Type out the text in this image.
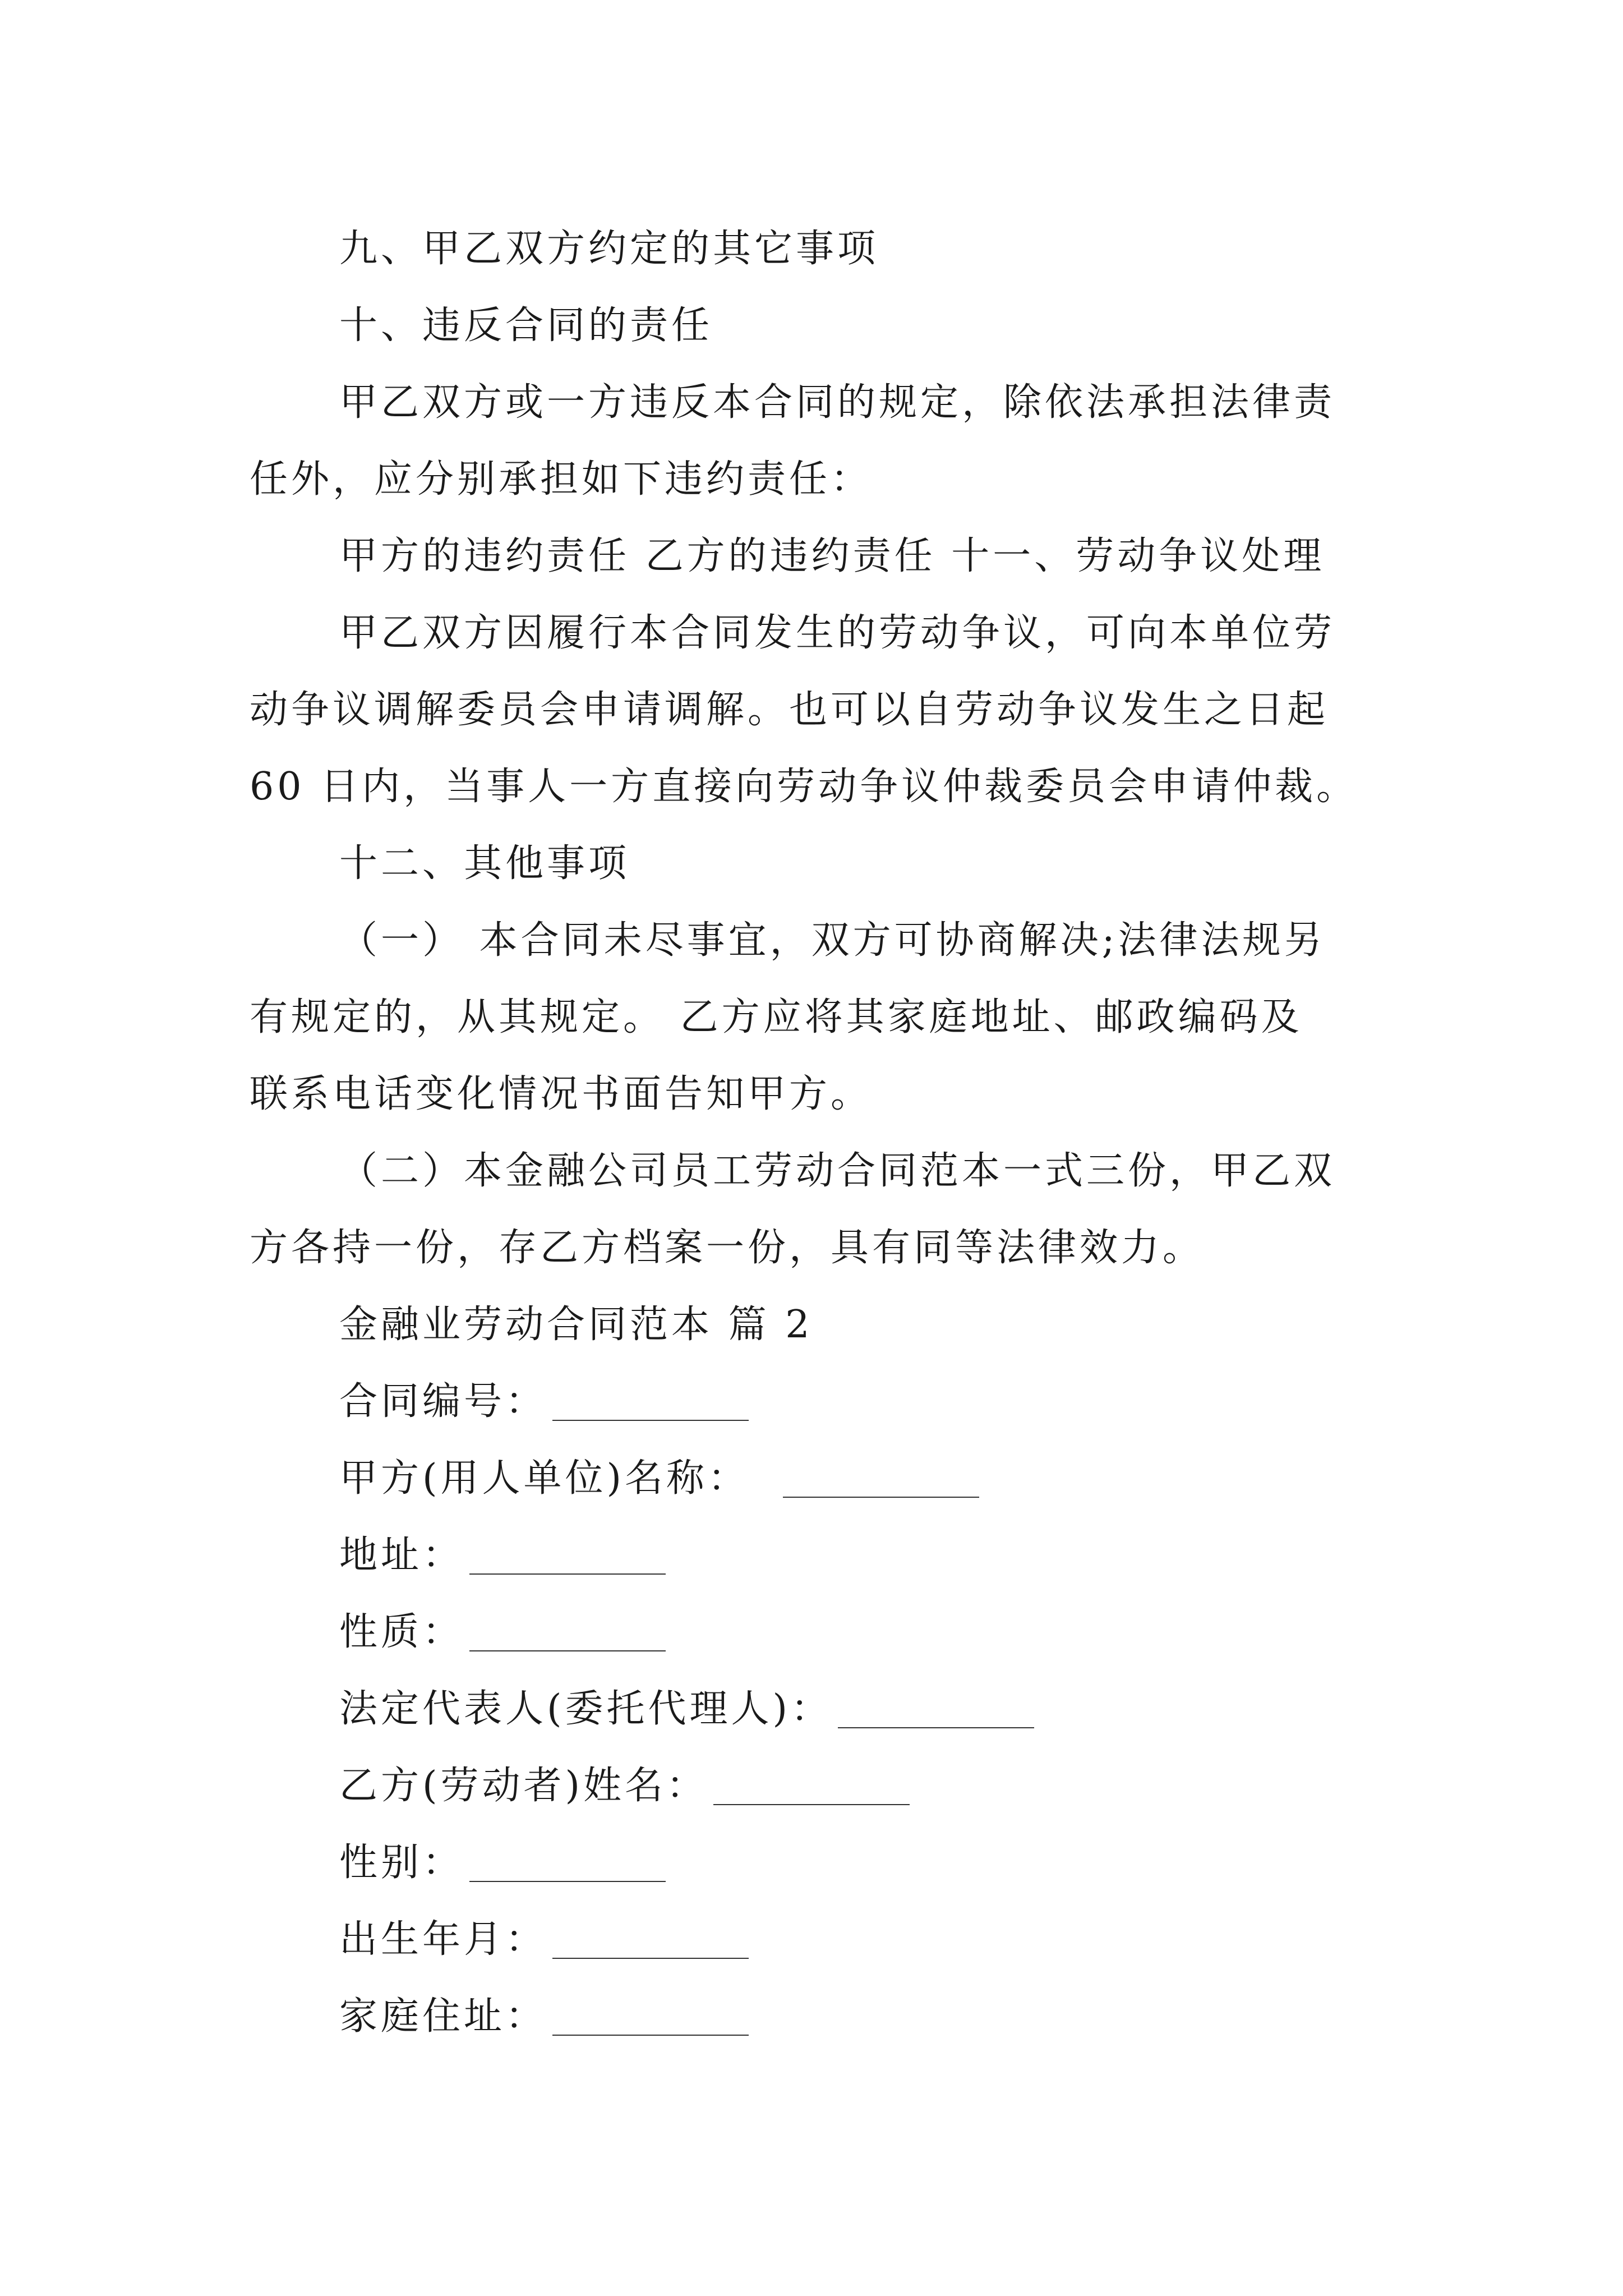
九、甲乙双方约定的其它事项
十、违反合同的责任
甲乙双方或一方违反本合同的规定，除依法承担法律责
任外，应分别承担如下违约责任：
甲方的违约责任 乙方的违约责任 十一、劳动争议处理
甲乙双方因履行本合同发生的劳动争议，可向本单位劳
动争议调解委员会申请调解。也可以自劳动争议发生之日起
60 日内，当事人一方直接向劳动争议仲裁委员会申请仲裁。
十二、其他事项
（一） 本合同未尽事宜，双方可协商解决;法律法规另
有规定的，从其规定。 乙方应将其家庭地址、邮政编码及
联系电话变化情况书面告知甲方。
（二）本金融公司员工劳动合同范本一式三份，甲乙双
方各持一份，存乙方档案一份，具有同等法律效力。
金融业劳动合同范本 篇 2
合同编号：
甲方(用人单位)名称：
地址：
性质：
法定代表人(委托代理人)：
乙方(劳动者)姓名：
性别：
出生年月：
家庭住址：
